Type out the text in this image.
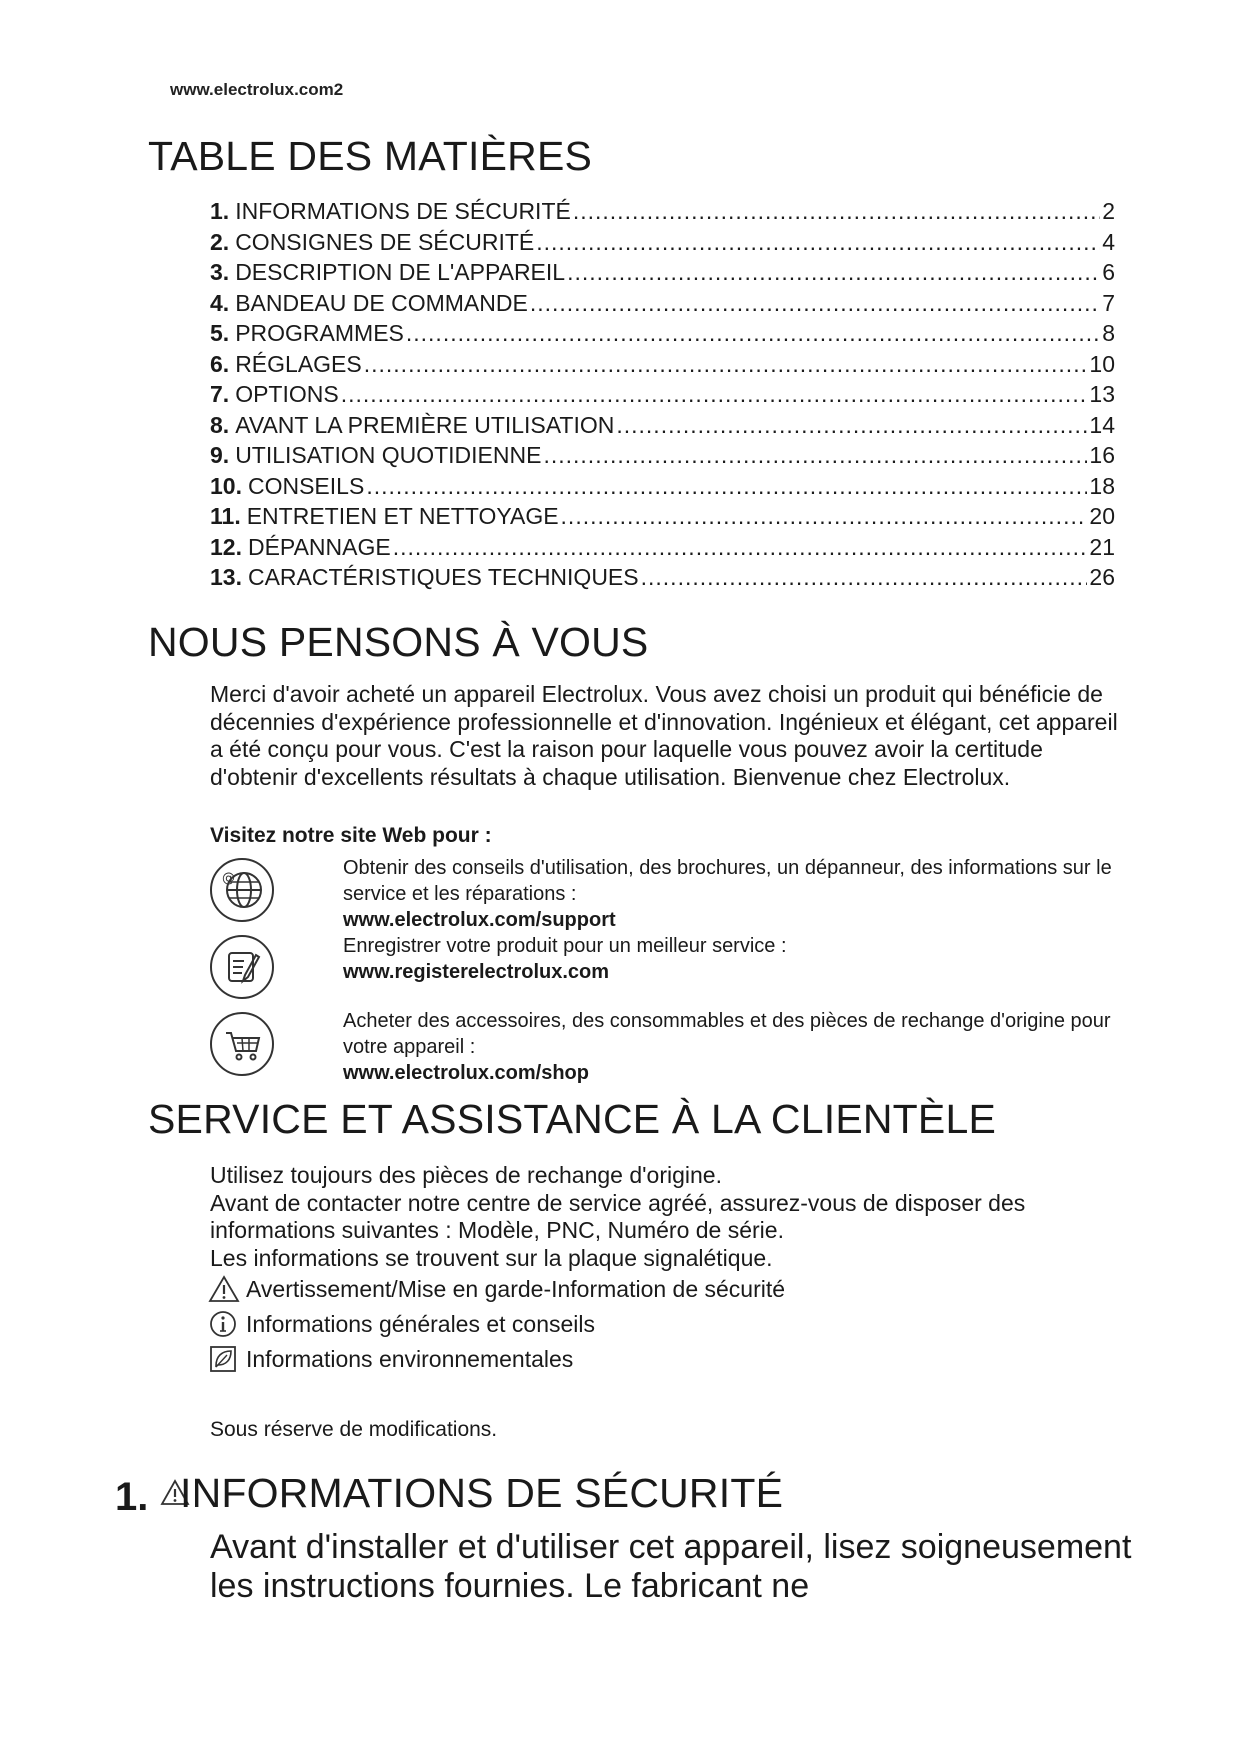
www.electrolux.com2
TABLE DES MATIÈRES
1. INFORMATIONS DE SÉCURITÉ .....	2
2. CONSIGNES DE SÉCURITÉ .....	4
3. DESCRIPTION DE L'APPAREIL .....	6
4. BANDEAU DE COMMANDE .....	7
5. PROGRAMMES .....	8
6. RÉGLAGES .....	10
7. OPTIONS .....	13
8. AVANT LA PREMIÈRE UTILISATION .....	14
9. UTILISATION QUOTIDIENNE .....	16
10. CONSEILS .....	18
11. ENTRETIEN ET NETTOYAGE .....	20
12. DÉPANNAGE .....	21
13. CARACTÉRISTIQUES TECHNIQUES .....	26
NOUS PENSONS À VOUS
Merci d'avoir acheté un appareil Electrolux. Vous avez choisi un produit qui bénéficie de décennies d'expérience professionnelle et d'innovation. Ingénieux et élégant, cet appareil a été conçu pour vous. C'est la raison pour laquelle vous pouvez avoir la certitude d'obtenir d'excellents résultats à chaque utilisation. Bienvenue chez Electrolux.
Visitez notre site Web pour :
@	Obtenir des conseils d'utilisation, des brochures, un dépanneur, des informations sur le service et les réparations :
www.electrolux.com/support
Enregistrer votre produit pour un meilleur service :
www.registerelectrolux.com
Acheter des accessoires, des consommables et des pièces de rechange d'origine pour votre appareil :
www.electrolux.com/shop
SERVICE ET ASSISTANCE À LA CLIENTÈLE
Utilisez toujours des pièces de rechange d'origine.
Avant de contacter notre centre de service agréé, assurez-vous de disposer des informations suivantes : Modèle, PNC, Numéro de série.
Les informations se trouvent sur la plaque signalétique.
Avertissement/Mise en garde-Information de sécurité
Informations générales et conseils
Informations environnementales
Sous réserve de modifications.
1. INFORMATIONS DE SÉCURITÉ
Avant d'installer et d'utiliser cet appareil, lisez soigneusement les instructions fournies. Le fabricant ne
